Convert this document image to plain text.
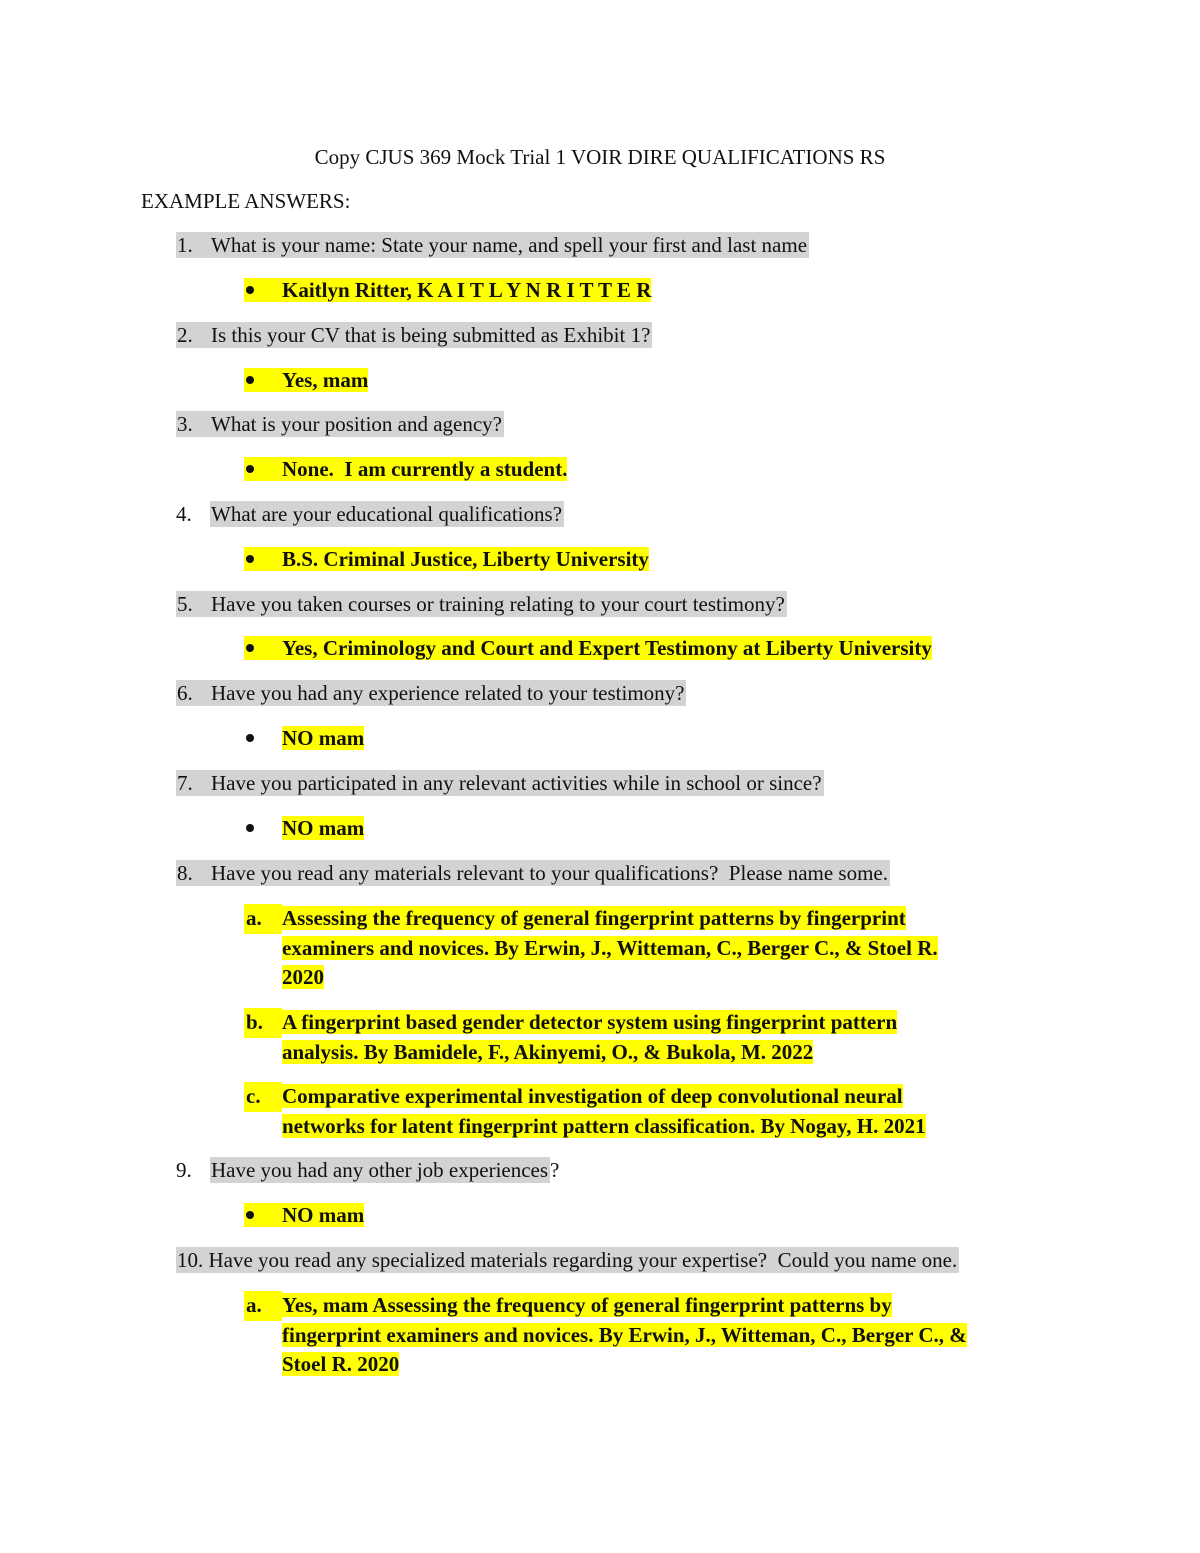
Copy CJUS 369 Mock Trial 1 VOIR DIRE QUALIFICATIONS RS
EXAMPLE ANSWERS:
1. What is your name: State your name, and spell your first and last name
Kaitlyn Ritter, K A I T L Y N R I T T E R
2. Is this your CV that is being submitted as Exhibit 1?
Yes, mam
3. What is your position and agency?
None.  I am currently a student.
4. What are your educational qualifications?
B.S. Criminal Justice, Liberty University
5. Have you taken courses or training relating to your court testimony?
Yes, Criminology and Court and Expert Testimony at Liberty University
6. Have you had any experience related to your testimony?
NO mam
7. Have you participated in any relevant activities while in school or since?
NO mam
8. Have you read any materials relevant to your qualifications?  Please name some.
a. Assessing the frequency of general fingerprint patterns by fingerprint
examiners and novices. By Erwin, J., Witteman, C., Berger C., & Stoel R.
2020
b. A fingerprint based gender detector system using fingerprint pattern
analysis. By Bamidele, F., Akinyemi, O., & Bukola, M. 2022
c.	Comparative experimental investigation of deep convolutional neural
networks for latent fingerprint pattern classification. By Nogay, H. 2021
9. Have you had any other job experiences?
NO mam
10. Have you read any specialized materials regarding your expertise?  Could you name one.
a. Yes, mam Assessing the frequency of general fingerprint patterns by
fingerprint examiners and novices. By Erwin, J., Witteman, C., Berger C., &
Stoel R. 2020
